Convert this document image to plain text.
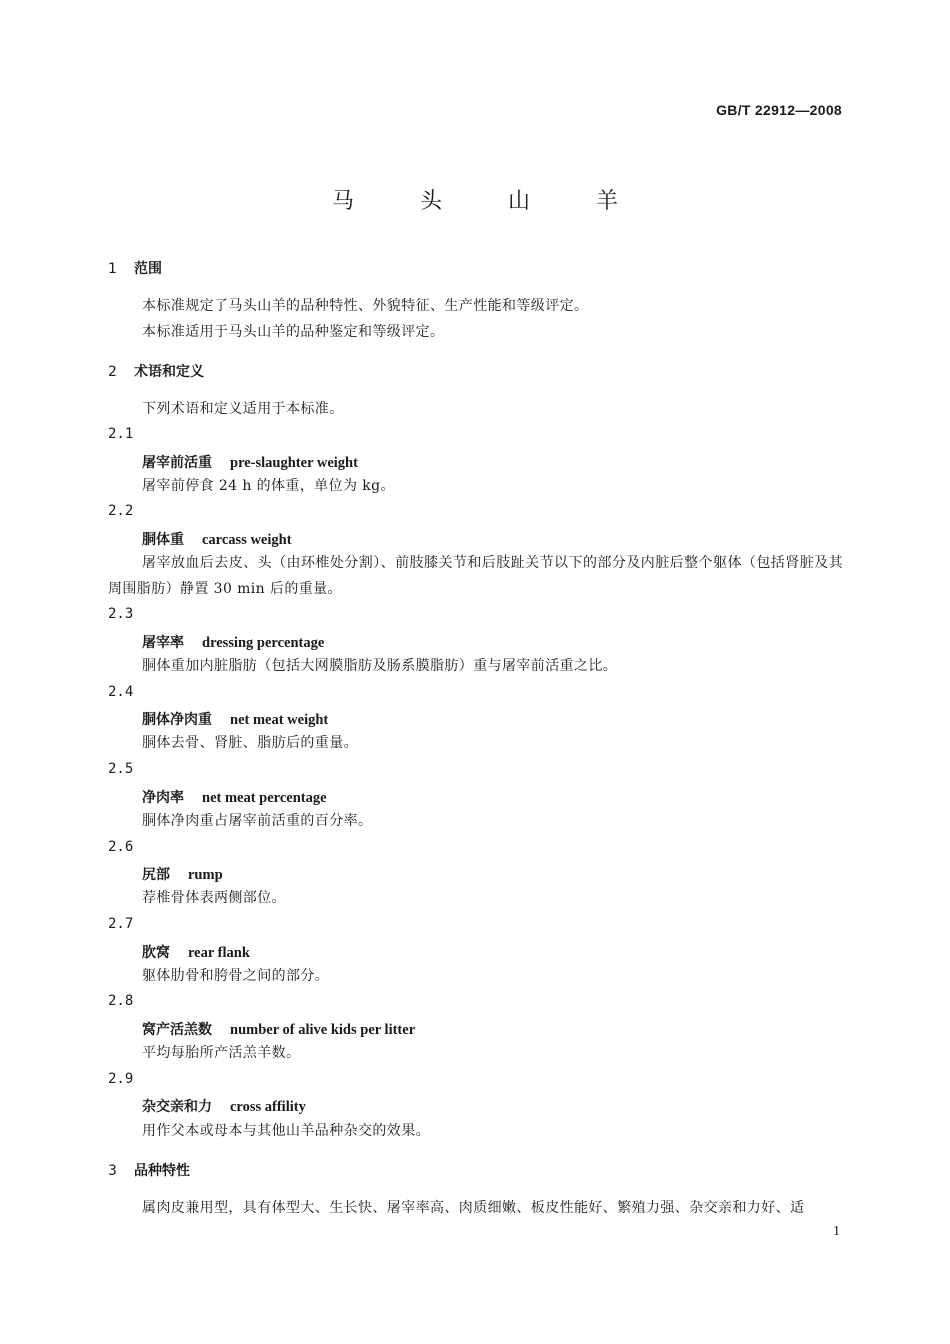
GB/T 22912—2008
马　头　山　羊
1 范围
本标准规定了马头山羊的品种特性、外貌特征、生产性能和等级评定。
本标准适用于马头山羊的品种鉴定和等级评定。
2 术语和定义
下列术语和定义适用于本标准。
2.1
屠宰前活重 pre-slaughter weight
屠宰前停食 24 h 的体重，单位为 kg。
2.2
胴体重 carcass weight
屠宰放血后去皮、头（由环椎处分割）、前肢膝关节和后肢趾关节以下的部分及内脏后整个躯体（包括肾脏及其周围脂肪）静置 30 min 后的重量。
2.3
屠宰率 dressing percentage
胴体重加内脏脂肪（包括大网膜脂肪及肠系膜脂肪）重与屠宰前活重之比。
2.4
胴体净肉重 net meat weight
胴体去骨、肾脏、脂肪后的重量。
2.5
净肉率 net meat percentage
胴体净肉重占屠宰前活重的百分率。
2.6
尻部 rump
荐椎骨体表两侧部位。
2.7
肷窝 rear flank
躯体肋骨和胯骨之间的部分。
2.8
窝产活羔数 number of alive kids per litter
平均每胎所产活羔羊数。
2.9
杂交亲和力 cross affility
用作父本或母本与其他山羊品种杂交的效果。
3 品种特性
属肉皮兼用型，具有体型大、生长快、屠宰率高、肉质细嫩、板皮性能好、繁殖力强、杂交亲和力好、适
1
